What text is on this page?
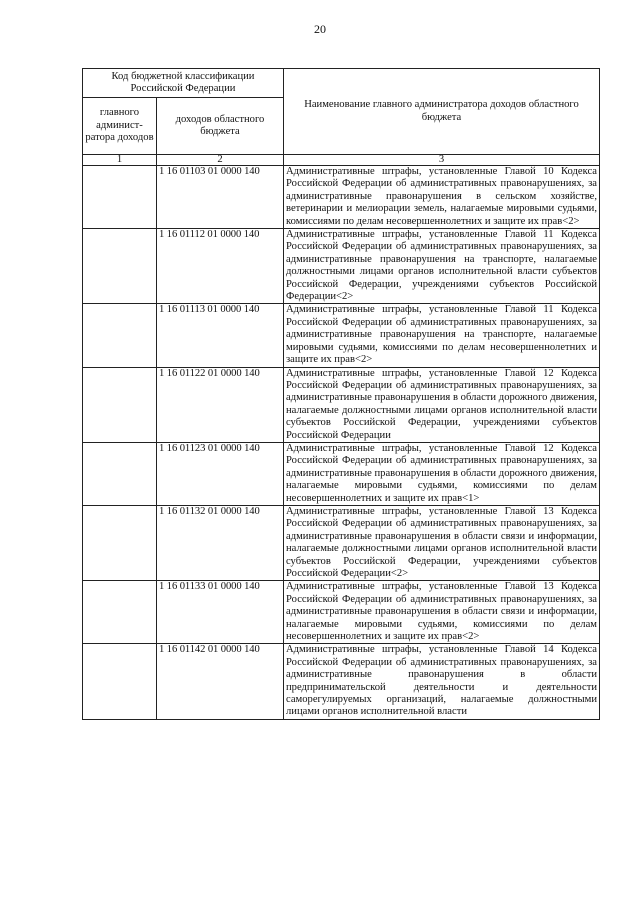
20
Код бюджетной классификации Российской Федерации		Наименование главного администратора доходов областного бюджета
главного админист-ратора доходов	доходов областного бюджета	
1	2	3
	1 16 01103 01 0000 140	Административные штрафы, установленные Главой 10 Кодекса Российской Федерации об административных правонарушениях, за административные правонарушения в сельском хозяйстве, ветеринарии и мелиорации земель, налагаемые мировыми судьями, комиссиями по делам несовершеннолетних и защите их прав<2>
	1 16 01112 01 0000 140	Административные штрафы, установленные Главой 11 Кодекса Российской Федерации об административных правонарушениях, за административные правонарушения на транспорте, налагаемые должностными лицами органов исполнительной власти субъектов Российской Федерации, учреждениями субъектов Российской Федерации<2>
	1 16 01113 01 0000 140	Административные штрафы, установленные Главой 11 Кодекса Российской Федерации об административных правонарушениях, за административные правонарушения на транспорте, налагаемые мировыми судьями, комиссиями по делам несовершеннолетних и защите их прав<2>
	1 16 01122 01 0000 140	Административные штрафы, установленные Главой 12 Кодекса Российской Федерации об административных правонарушениях, за административные правонарушения в области дорожного движения, налагаемые должностными лицами органов исполнительной власти субъектов Российской Федерации, учреждениями субъектов Российской Федерации
	1 16 01123 01 0000 140	Административные штрафы, установленные Главой 12 Кодекса Российской Федерации об административных правонарушениях, за административные правонарушения в области дорожного движения, налагаемые мировыми судьями, комиссиями по делам несовершеннолетних и защите их прав<1>
	1 16 01132 01 0000 140	Административные штрафы, установленные Главой 13 Кодекса Российской Федерации об административных правонарушениях, за административные правонарушения в области связи и информации, налагаемые должностными лицами органов исполнительной власти субъектов Российской Федерации, учреждениями субъектов Российской Федерации<2>
	1 16 01133 01 0000 140	Административные штрафы, установленные Главой 13 Кодекса Российской Федерации об административных правонарушениях, за административные правонарушения в области связи и информации, налагаемые мировыми судьями, комиссиями по делам несовершеннолетних и защите их прав<2>
	1 16 01142 01 0000 140	Административные штрафы, установленные Главой 14 Кодекса Российской Федерации об административных правонарушениях, за административные правонарушения в области предпринимательской деятельности и деятельности саморегулируемых организаций, налагаемые должностными лицами органов исполнительной власти
